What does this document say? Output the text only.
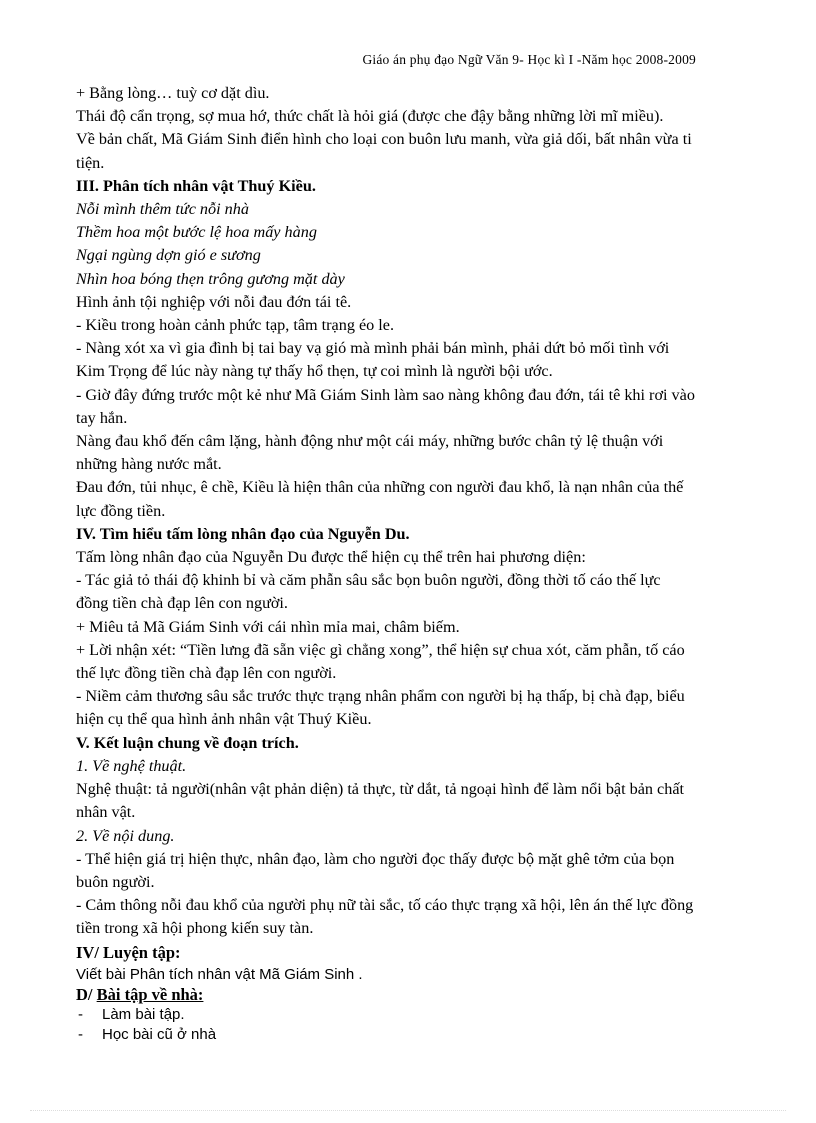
Giáo án phụ đạo Ngữ Văn 9- Học kì I -Năm học 2008-2009

+ Bằng lòng… tuỳ cơ dặt dìu.

Thái độ cẩn trọng, sợ mua hớ, thức chất là hỏi giá (được che đậy bằng những lời mĩ miều).

Về bản chất, Mã Giám Sinh điển hình cho loại con buôn lưu manh, vừa giả dối, bất nhân vừa ti tiện.

III. Phân tích nhân vật Thuý Kiều.

Nỗi mình thêm tức nỗi nhà

Thềm hoa một bước lệ hoa mấy hàng

Ngại ngùng dợn gió e sương

Nhìn hoa bóng thẹn trông gương mặt dày

Hình ảnh tội nghiệp với nỗi đau đớn tái tê.

- Kiều trong hoàn cảnh phức tạp, tâm trạng éo le.

- Nàng xót xa vì gia đình bị tai bay vạ gió mà mình phải bán mình, phải dứt bỏ mối tình với Kim Trọng để lúc này nàng tự thấy hổ thẹn, tự coi mình là người bội ước.

- Giờ đây đứng trước một kẻ như Mã Giám Sinh làm sao nàng không đau đớn, tái tê khi rơi vào tay hắn.

Nàng đau khổ đến câm lặng, hành động như một cái máy, những bước chân tỷ lệ thuận với những hàng nước mắt.

Đau đớn, tủi nhục, ê chề, Kiều là hiện thân của những con người đau khổ, là nạn nhân của thế lực đồng tiền.

IV. Tìm hiểu tấm lòng nhân đạo của Nguyễn Du.

Tấm lòng nhân đạo của Nguyễn Du được thể hiện cụ thể trên hai phương diện:

- Tác giả tỏ thái độ khinh bỉ và căm phẫn sâu sắc bọn buôn người, đồng thời tố cáo thế lực đồng tiền chà đạp lên con người.

+ Miêu tả Mã Giám Sinh với cái nhìn mỉa mai, châm biếm.

+ Lời nhận xét: “Tiền lưng đã sẵn việc gì chẳng xong”, thể hiện sự chua xót, căm phẫn, tố cáo thế lực đồng tiền chà đạp lên con người.

- Niềm cảm thương sâu sắc trước thực trạng nhân phẩm con người bị hạ thấp, bị chà đạp, biểu hiện cụ thể qua hình ảnh nhân vật Thuý Kiều.

V. Kết luận chung về đoạn trích.

1. Về nghệ thuật.

Nghệ thuật: tả người(nhân vật phản diện) tả thực, từ dắt, tả ngoại hình để làm nổi bật bản chất nhân vật.

2. Về nội dung.

- Thể hiện giá trị hiện thực, nhân đạo, làm cho người đọc thấy được bộ mặt ghê tởm của bọn buôn người.

- Cảm thông nỗi đau khổ của người phụ nữ tài sắc, tố cáo thực trạng xã hội, lên án thế lực đồng tiền trong xã hội phong kiến suy tàn.

IV/ Luyện tập:

Viết bài Phân tích nhân vật Mã Giám Sinh .

D/ Bài tập về nhà:

- Làm bài tập.
- Học bài cũ ở nhà
